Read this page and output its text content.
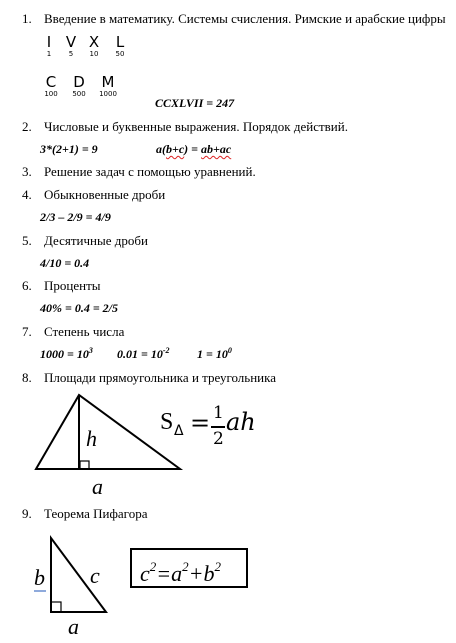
1. Введение в математику. Системы счисления. Римские и арабские цифры
I
1
V
5
X
10
L
50
C
100
D
500
M
1000
CCXLVII = 247
2. Числовые и буквенные выражения. Порядок действий.
3*(2+1) = 9	a(b+c) = ab+ac
3. Решение задач с помощью уравнений.
4. Обыкновенные дроби
2/3 – 2/9 = 4/9
5. Десятичные дроби
4/10 = 0.4
6. Проценты
40% = 0.4 = 2/5
7. Степень числа
$1000 = 10^3$ $0.01 = 10^{-2}$ $1 = 10^0$
8. Площади прямоугольника и треугольника
h
a
S Δ = 1
2
ah
9. Теорема Пифагора
b c
a
$c^2=a^2+b^2$
